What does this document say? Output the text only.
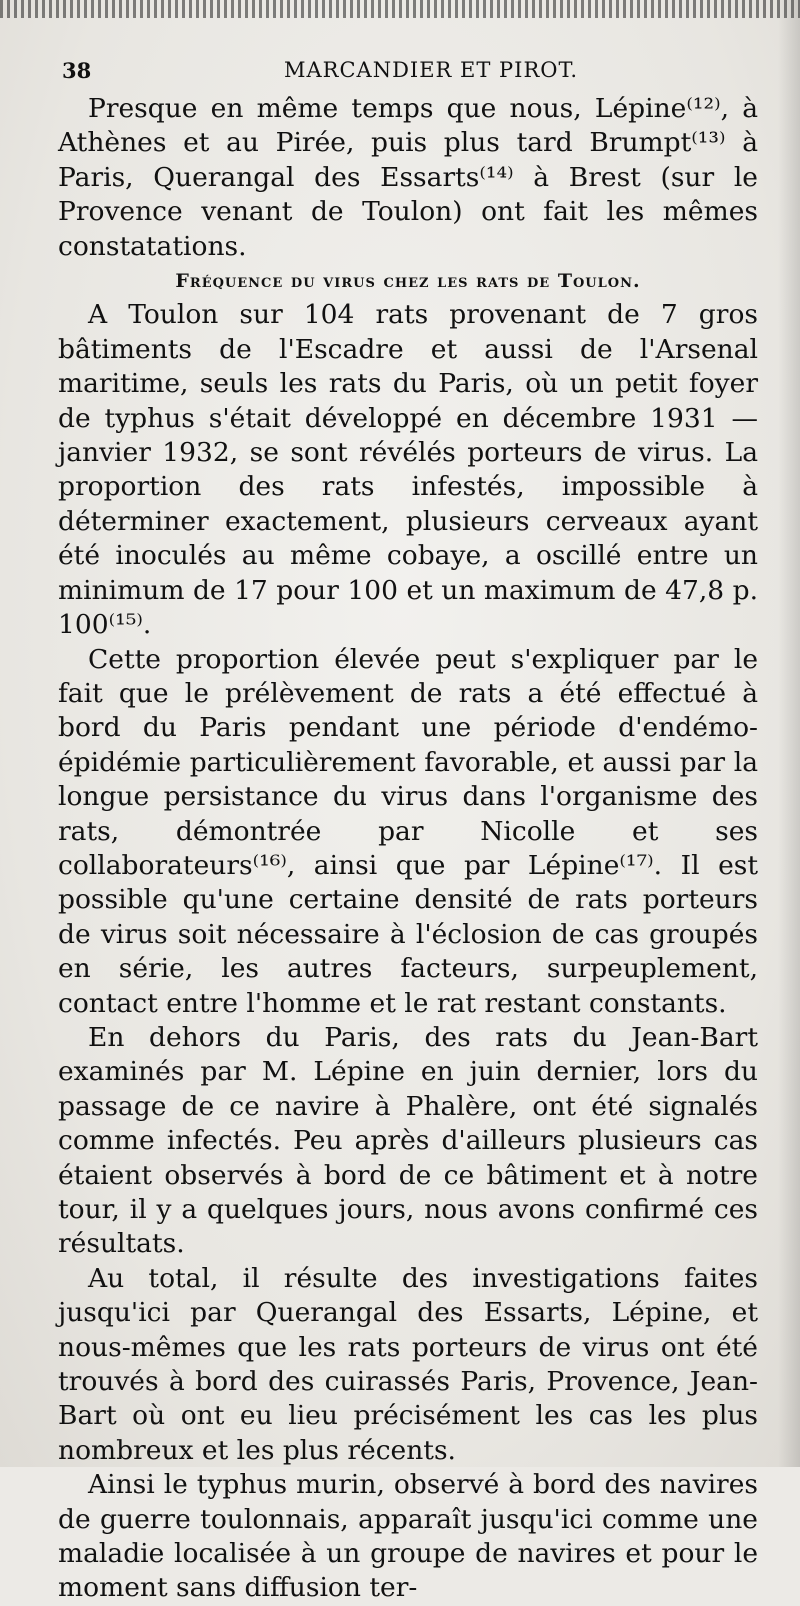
38	MARCANDIER ET PIROT.

Presque en même temps que nous, Lépine⁽¹²⁾, à Athènes et au Pirée, puis plus tard Brumpt⁽¹³⁾ à Paris, Querangal des Essarts⁽¹⁴⁾ à Brest (sur le Provence venant de Toulon) ont fait les mêmes constatations.

Fréquence du virus chez les rats de Toulon.

A Toulon sur 104 rats provenant de 7 gros bâtiments de l'Escadre et aussi de l'Arsenal maritime, seuls les rats du Paris, où un petit foyer de typhus s'était développé en décembre 1931 —janvier 1932, se sont révélés porteurs de virus. La proportion des rats infestés, impossible à déterminer exactement, plusieurs cerveaux ayant été inoculés au même cobaye, a oscillé entre un minimum de 17 pour 100 et un maximum de 47,8 p. 100⁽¹⁵⁾.

Cette proportion élevée peut s'expliquer par le fait que le prélèvement de rats a été effectué à bord du Paris pendant une période d'endémo-épidémie particulièrement favorable, et aussi par la longue persistance du virus dans l'organisme des rats, démontrée par Nicolle et ses collaborateurs⁽¹⁶⁾, ainsi que par Lépine⁽¹⁷⁾. Il est possible qu'une certaine densité de rats porteurs de virus soit nécessaire à l'éclosion de cas groupés en série, les autres facteurs, surpeuplement, contact entre l'homme et le rat restant constants.

En dehors du Paris, des rats du Jean-Bart examinés par M. Lépine en juin dernier, lors du passage de ce navire à Phalère, ont été signalés comme infectés. Peu après d'ailleurs plusieurs cas étaient observés à bord de ce bâtiment et à notre tour, il y a quelques jours, nous avons confirmé ces résultats.

Au total, il résulte des investigations faites jusqu'ici par Querangal des Essarts, Lépine, et nous-mêmes que les rats porteurs de virus ont été trouvés à bord des cuirassés Paris, Provence, Jean-Bart où ont eu lieu précisément les cas les plus nombreux et les plus récents.

Ainsi le typhus murin, observé à bord des navires de guerre toulonnais, apparaît jusqu'ici comme une maladie localisée à un groupe de navires et pour le moment sans diffusion ter-
